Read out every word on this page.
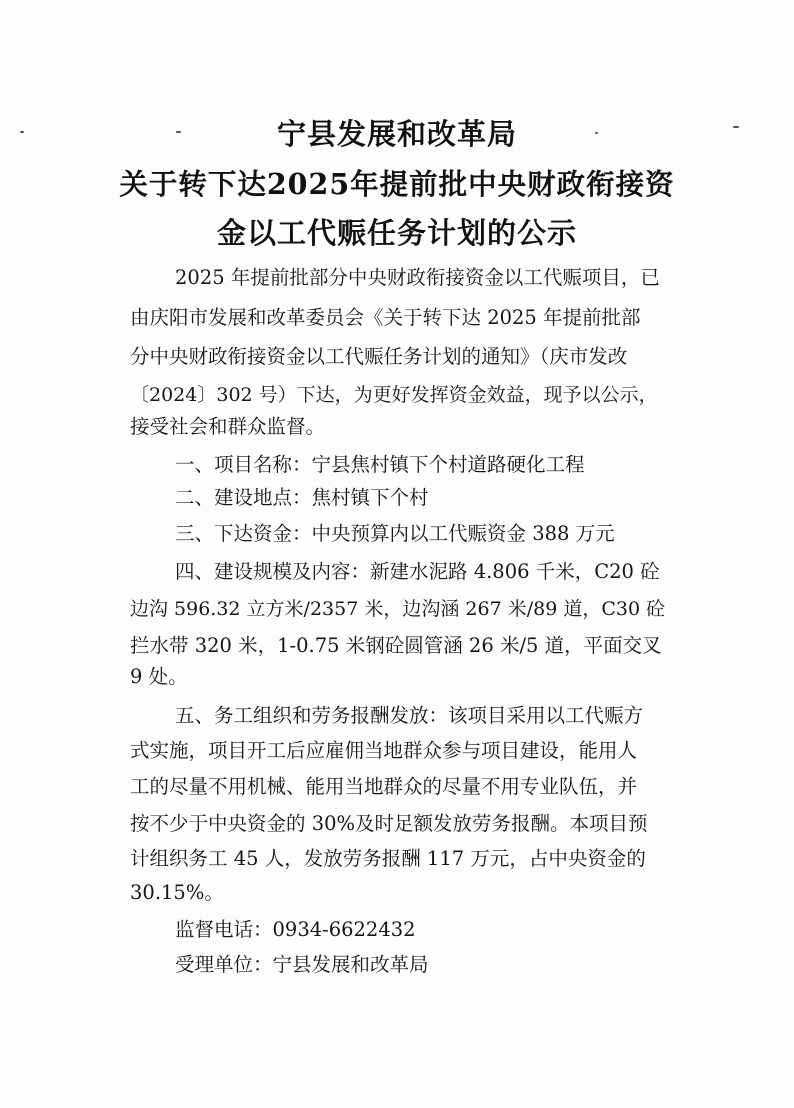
宁县发展和改革局
关于转下达2025年提前批中央财政衔接资
金以工代赈任务计划的公示
2025 年提前批部分中央财政衔接资金以工代赈项目，已
由庆阳市发展和改革委员会《关于转下达 2025 年提前批部
分中央财政衔接资金以工代赈任务计划的通知》（庆市发改
〔2024〕302 号）下达，为更好发挥资金效益，现予以公示，
接受社会和群众监督。
一、项目名称：宁县焦村镇下个村道路硬化工程
二、建设地点：焦村镇下个村
三、下达资金：中央预算内以工代赈资金 388 万元
四、建设规模及内容：新建水泥路 4.806 千米，C20 砼
边沟 596.32 立方米/2357 米，边沟涵 267 米/89 道，C30 砼
拦水带 320 米，1-0.75 米钢砼圆管涵 26 米/5 道，平面交叉
9 处。
五、务工组织和劳务报酬发放：该项目采用以工代赈方
式实施，项目开工后应雇佣当地群众参与项目建设，能用人
工的尽量不用机械、能用当地群众的尽量不用专业队伍，并
按不少于中央资金的 30%及时足额发放劳务报酬。本项目预
计组织务工 45 人，发放劳务报酬 117 万元，占中央资金的
30.15%。
监督电话：0934-6622432
受理单位：宁县发展和改革局
